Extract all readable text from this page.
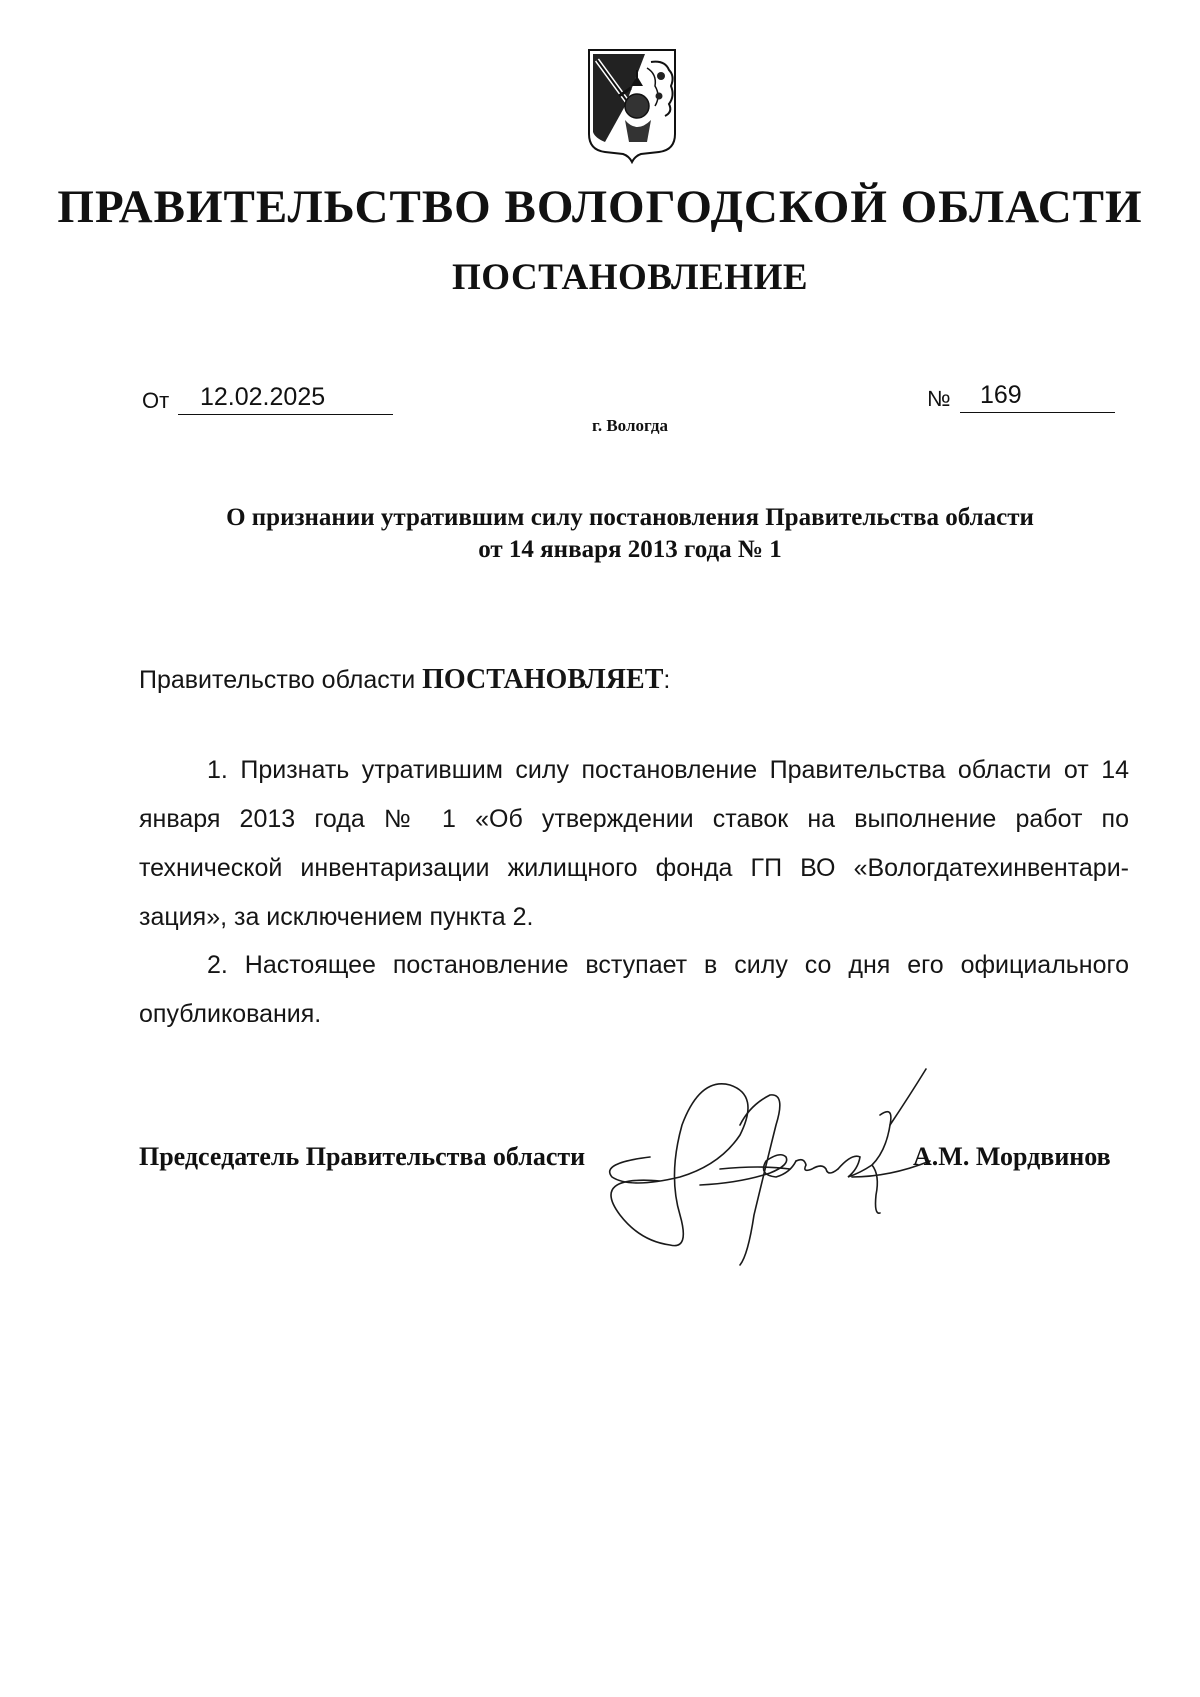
ПРАВИТЕЛЬСТВО ВОЛОГОДСКОЙ ОБЛАСТИ
ПОСТАНОВЛЕНИЕ
От	12.02.2025	№	169
г. Вологда
О признании утратившим силу постановления Правительства области
от 14 января 2013 года № 1
Правительство области ПОСТАНОВЛЯЕТ:

1. Признать утратившим силу постановление Правительства области от 14 января 2013 года № 1 «Об утверждении ставок на выполнение работ по технической инвентаризации жилищного фонда ГП ВО «Вологдатехинвентари-зация», за исключением пункта 2.

2. Настоящее постановление вступает в силу со дня его официального опубликования.

Председатель Правительства области	А.М. Мордвинов
